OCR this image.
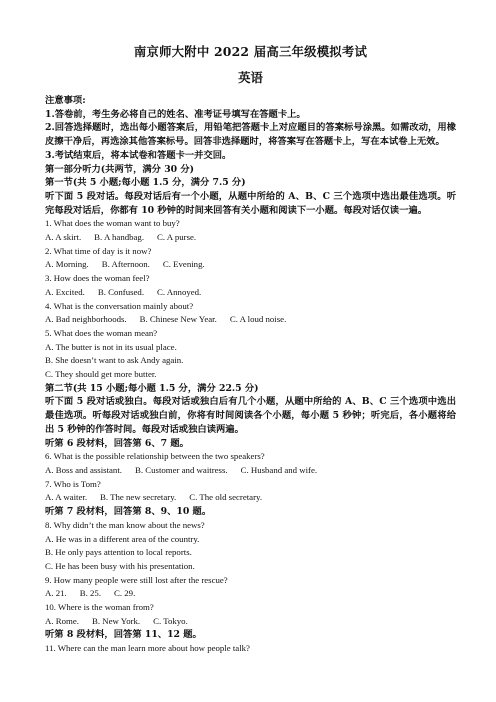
南京师大附中 2022 届高三年级模拟考试

英语

注意事项:

1.答卷前，考生务必将自己的姓名、准考证号填写在答题卡上。

2.回答选择题时，选出每小题答案后，用铅笔把答题卡上对应题目的答案标号涂黑。如需改动，用橡皮擦干净后，再选涂其他答案标号。回答非选择题时，将答案写在答题卡上，写在本试卷上无效。

3.考试结束后，将本试卷和答题卡一并交回。

第一部分听力(共两节，满分 30 分)

第一节(共 5 小题;每小题 1.5 分，满分 7.5 分)

听下面 5 段对话。每段对话后有一个小题，从题中所给的 A、B、C 三个选项中选出最佳选项。听完每段对话后，你都有 10 秒钟的时间来回答有关小题和阅读下一小题。每段对话仅读一遍。

1. What does the woman want to buy?

A. A skirt. B. A handbag. C. A purse.

2. What time of day is it now?

A. Morning. B. Afternoon. C. Evening.

3. How does the woman feel?

A. Excited. B. Confused. C. Annoyed.

4. What is the conversation mainly about?

A. Bad neighborhoods. B. Chinese New Year. C. A loud noise.

5. What does the woman mean?

A. The butter is not in its usual place.

B. She doesn’t want to ask Andy again.

C. They should get more butter.

第二节(共 15 小题;每小题 1.5 分，满分 22.5 分)

听下面 5 段对话或独白。每段对话或独白后有几个小题，从题中所给的 A、B、C 三个选项中选出最佳选项。听每段对话或独白前，你将有时间阅读各个小题，每小题 5 秒钟；听完后，各小题将给出 5 秒钟的作答时间。每段对话或独白读两遍。

听第 6 段材料，回答第 6、7 题。

6. What is the possible relationship between the two speakers?

A. Boss and assistant. B. Customer and waitress. C. Husband and wife.

7. Who is Tom?

A. A waiter. B. The new secretary. C. The old secretary.

听第 7 段材料，回答第 8、9、10 题。

8. Why didn’t the man know about the news?

A. He was in a different area of the country.

B. He only pays attention to local reports.

C. He has been busy with his presentation.

9. How many people were still lost after the rescue?

A. 21. B. 25. C. 29.

10. Where is the woman from?

A. Rome. B. New York. C. Tokyo.

听第 8 段材料，回答第 11、12 题。

11. Where can the man learn more about how people talk?
